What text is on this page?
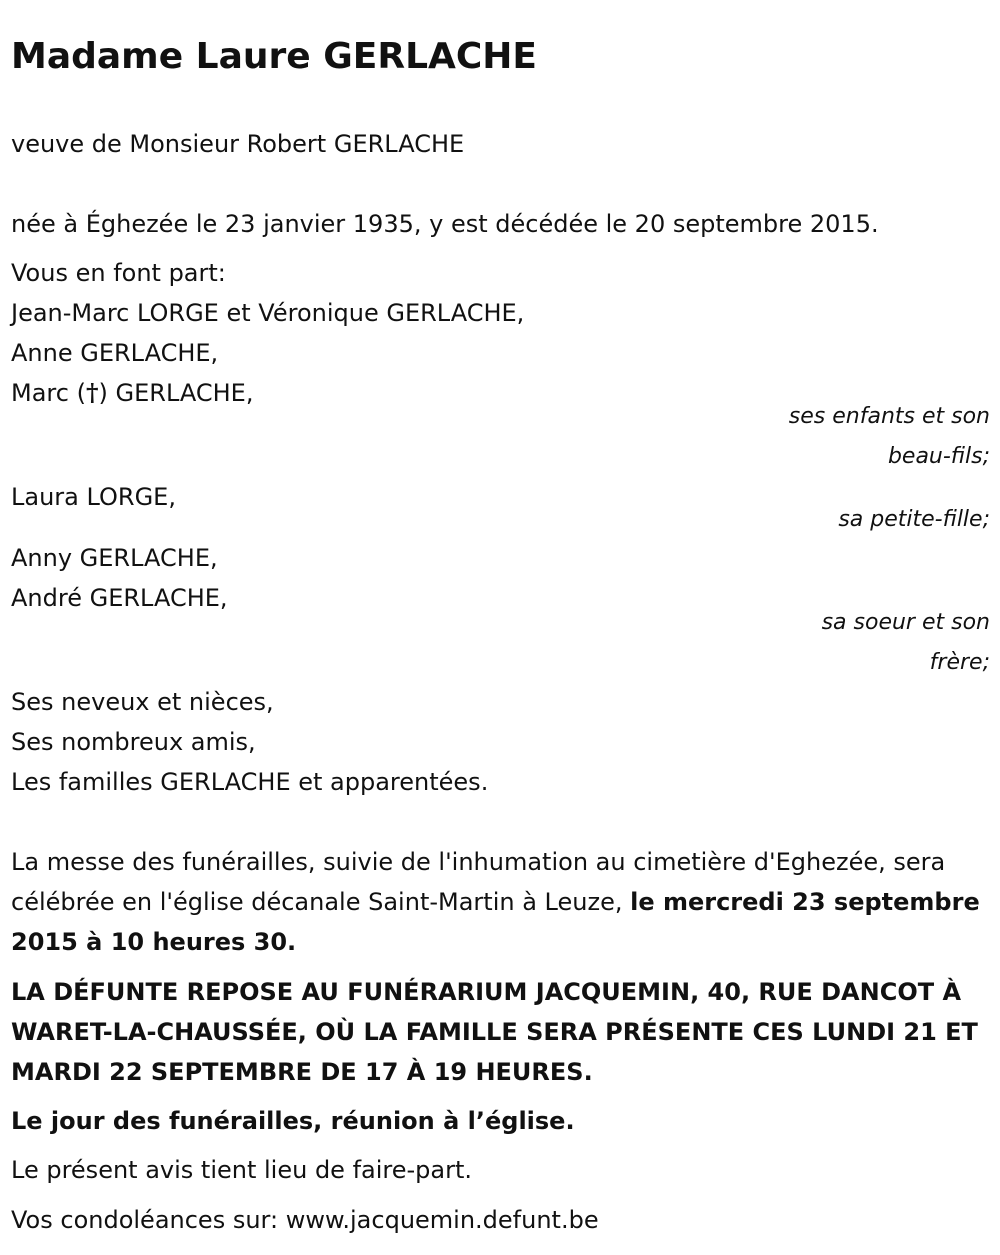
Madame Laure GERLACHE

veuve de Monsieur Robert GERLACHE

née à Éghezée le 23 janvier 1935, y est décédée le 20 septembre 2015.

Vous en font part:

Jean-Marc LORGE et Véronique GERLACHE,

Anne GERLACHE,

Marc (†) GERLACHE,

ses enfants et son

beau-fils;

Laura LORGE,

sa petite-fille;

Anny GERLACHE,

André GERLACHE,

sa soeur et son

frère;

Ses neveux et nièces,

Ses nombreux amis,

Les familles GERLACHE et apparentées.

La messe des funérailles, suivie de l'inhumation au cimetière d'Eghezée, sera célébrée en l'église décanale Saint-Martin à Leuze, le mercredi 23 septembre 2015 à 10 heures 30.

LA DÉFUNTE REPOSE AU FUNÉRARIUM JACQUEMIN, 40, RUE DANCOT À WARET-LA-CHAUSSÉE, OÙ LA FAMILLE SERA PRÉSENTE CES LUNDI 21 ET MARDI 22 SEPTEMBRE DE 17 À 19 HEURES.

Le jour des funérailles, réunion à l’église.

Le présent avis tient lieu de faire-part.

Vos condoléances sur: www.jacquemin.defunt.be
